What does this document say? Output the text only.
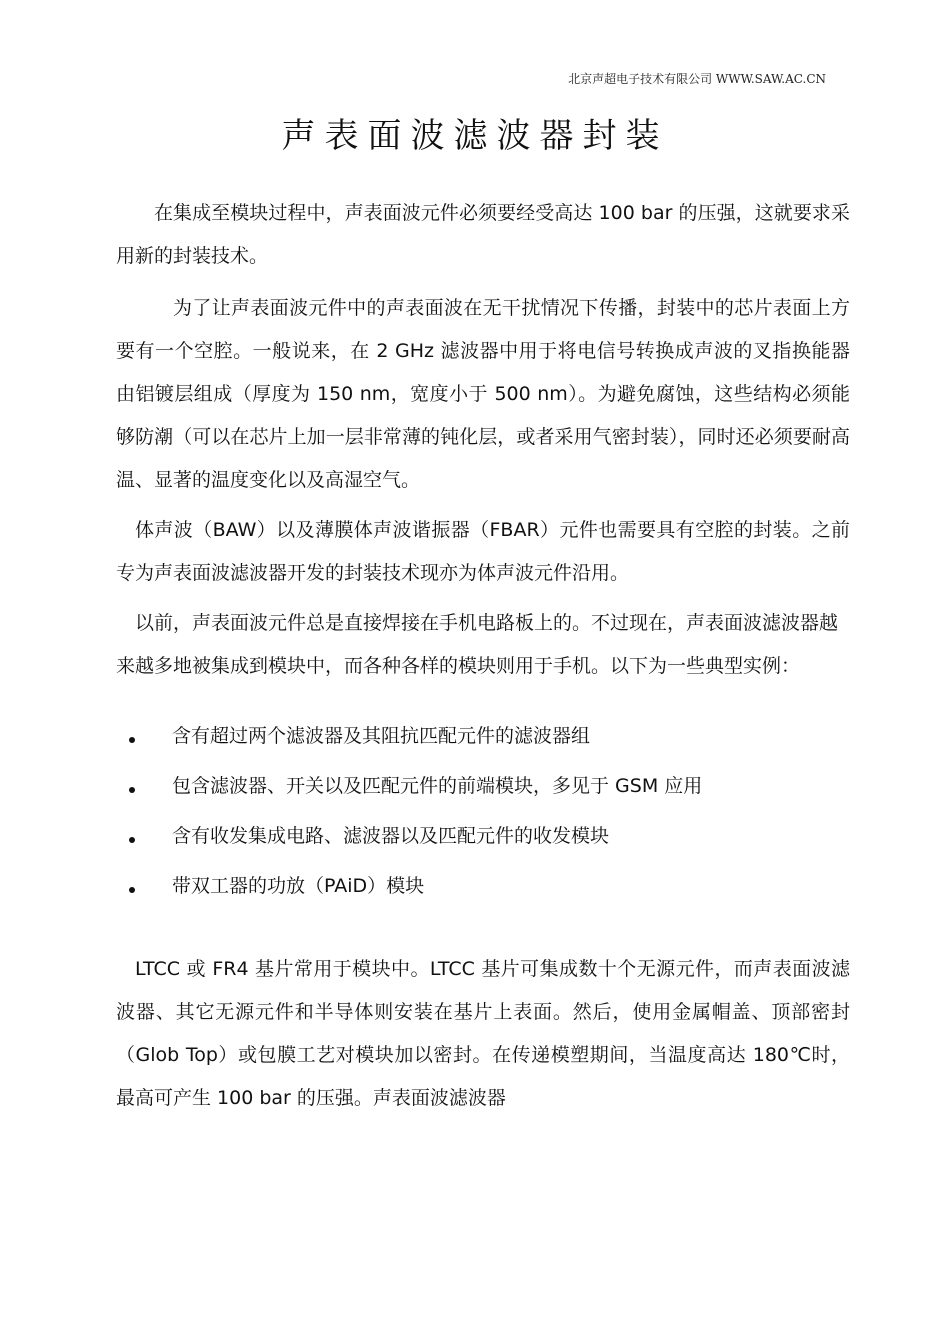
北京声超电子技术有限公司 WWW.SAW.AC.CN
声表面波滤波器封装

在集成至模块过程中，声表面波元件必须要经受高达 100 bar 的压强，这就要求采用新的封装技术。

为了让声表面波元件中的声表面波在无干扰情况下传播，封装中的芯片表面上方要有一个空腔。一般说来，在 2 GHz 滤波器中用于将电信号转换成声波的叉指换能器由铝镀层组成（厚度为 150 nm，宽度小于 500 nm）。为避免腐蚀，这些结构必须能够防潮（可以在芯片上加一层非常薄的钝化层，或者采用气密封装），同时还必须要耐高温、显著的温度变化以及高湿空气。

体声波（BAW）以及薄膜体声波谐振器（FBAR）元件也需要具有空腔的封装。之前专为声表面波滤波器开发的封装技术现亦为体声波元件沿用。

以前，声表面波元件总是直接焊接在手机电路板上的。不过现在，声表面波滤波器越来越多地被集成到模块中，而各种各样的模块则用于手机。以下为一些典型实例：

含有超过两个滤波器及其阻抗匹配元件的滤波器组
包含滤波器、开关以及匹配元件的前端模块，多见于 GSM 应用
含有收发集成电路、滤波器以及匹配元件的收发模块
带双工器的功放（PAiD）模块

LTCC 或 FR4 基片常用于模块中。LTCC 基片可集成数十个无源元件，而声表面波滤波器、其它无源元件和半导体则安装在基片上表面。然后，使用金属帽盖、顶部密封（Glob Top）或包膜工艺对模块加以密封。在传递模塑期间，当温度高达 180℃时，最高可产生 100 bar 的压强。声表面波滤波器
